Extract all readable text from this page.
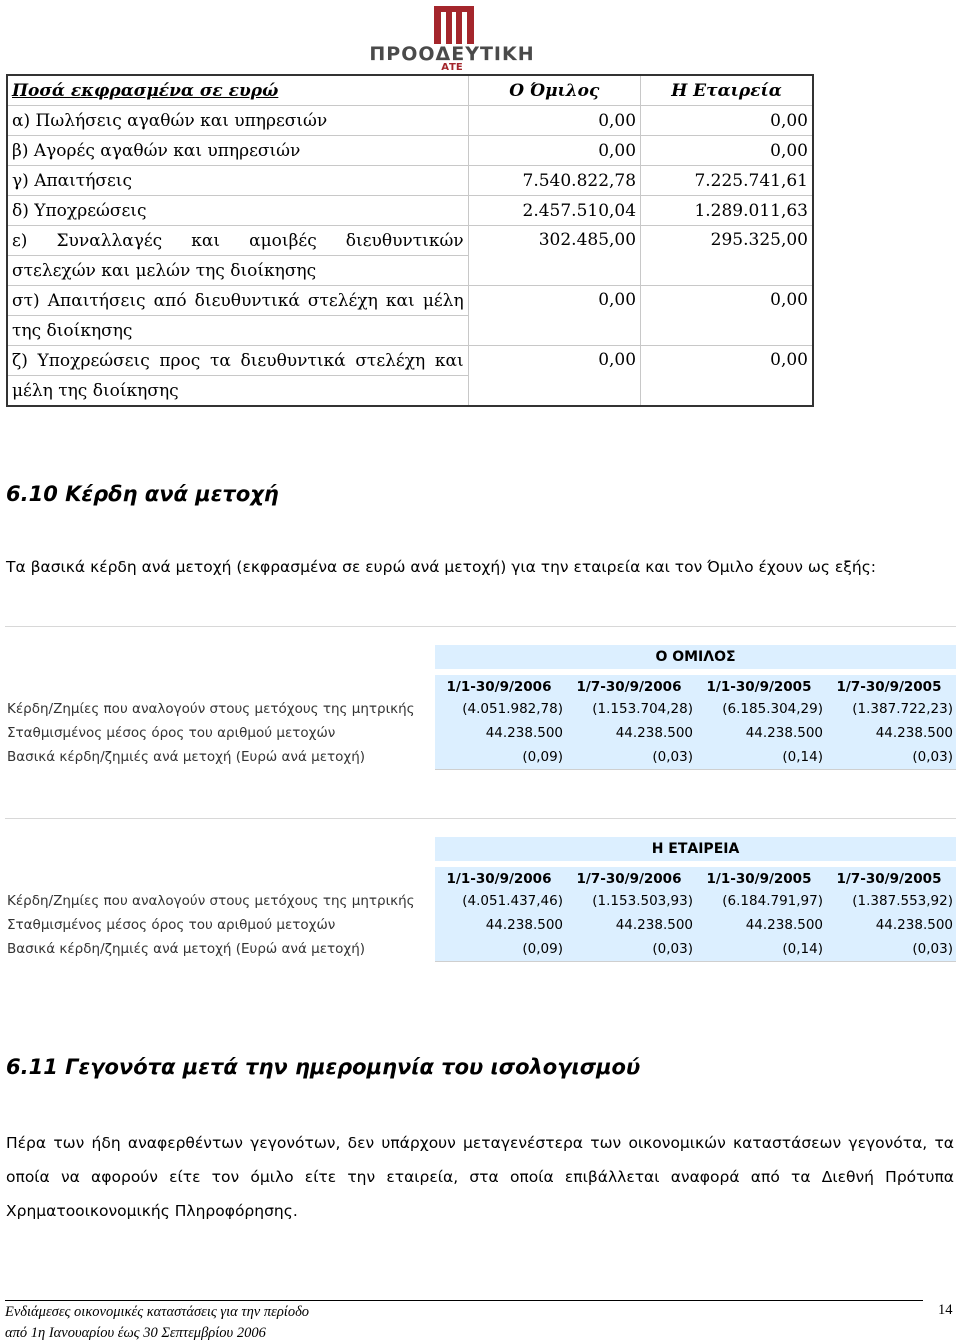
ΠΡΟΟΔΕΥΤΙΚΗ
ΑΤΕ
Ποσά εκφρασμένα σε ευρώ	Ο Όμιλος	Η Εταιρεία
α) Πωλήσεις αγαθών και υπηρεσιών	0,00	0,00
β) Αγορές αγαθών και υπηρεσιών	0,00	0,00
γ) Απαιτήσεις	7.540.822,78	7.225.741,61
δ) Υποχρεώσεις	2.457.510,04	1.289.011,63
ε) Συναλλαγές και αμοιβές διευθυντικών	302.485,00	295.325,00
στελεχών και μελών της διοίκησης		
στ) Απαιτήσεις από διευθυντικά στελέχη και μέλη	0,00	0,00
της διοίκησης		
ζ) Υποχρεώσεις προς τα διευθυντικά στελέχη και	0,00	0,00
μέλη της διοίκησης		
6.10 Κέρδη ανά μετοχή
Τα βασικά κέρδη ανά μετοχή (εκφρασμένα σε ευρώ ανά μετοχή) για την εταιρεία και τον Όμιλο έχουν ως εξής:
Ο ΟΜΙΛΟΣ
1/1-30/9/2006	1/7-30/9/2006	1/1-30/9/2005	1/7-30/9/2005
Κέρδη/Ζημίες που αναλογούν στους μετόχους της μητρικής	(4.051.982,78)	(1.153.704,28)	(6.185.304,29)	(1.387.722,23)
Σταθμισμένος μέσος όρος του αριθμού μετοχών	44.238.500	44.238.500	44.238.500	44.238.500
Βασικά κέρδη/ζημιές ανά μετοχή (Ευρώ ανά μετοχή)	(0,09)	(0,03)	(0,14)	(0,03)
Η ΕΤΑΙΡΕΙΑ
1/1-30/9/2006	1/7-30/9/2006	1/1-30/9/2005	1/7-30/9/2005
Κέρδη/Ζημίες που αναλογούν στους μετόχους της μητρικής	(4.051.437,46)	(1.153.503,93)	(6.184.791,97)	(1.387.553,92)
Σταθμισμένος μέσος όρος του αριθμού μετοχών	44.238.500	44.238.500	44.238.500	44.238.500
Βασικά κέρδη/ζημιές ανά μετοχή (Ευρώ ανά μετοχή)	(0,09)	(0,03)	(0,14)	(0,03)
6.11 Γεγονότα μετά την ημερομηνία του ισολογισμού
Πέρα των ήδη αναφερθέντων γεγονότων, δεν υπάρχουν μεταγενέστερα των οικονομικών καταστάσεων γεγονότα, τα οποία να αφορούν είτε τον όμιλο είτε την εταιρεία, στα οποία επιβάλλεται αναφορά από τα Διεθνή Πρότυπα Χρηματοοικονομικής Πληροφόρησης.
Ενδιάμεσες οικονομικές καταστάσεις για την περίοδο
από 1η Ιανουαρίου έως 30 Σεπτεμβρίου 2006
14
